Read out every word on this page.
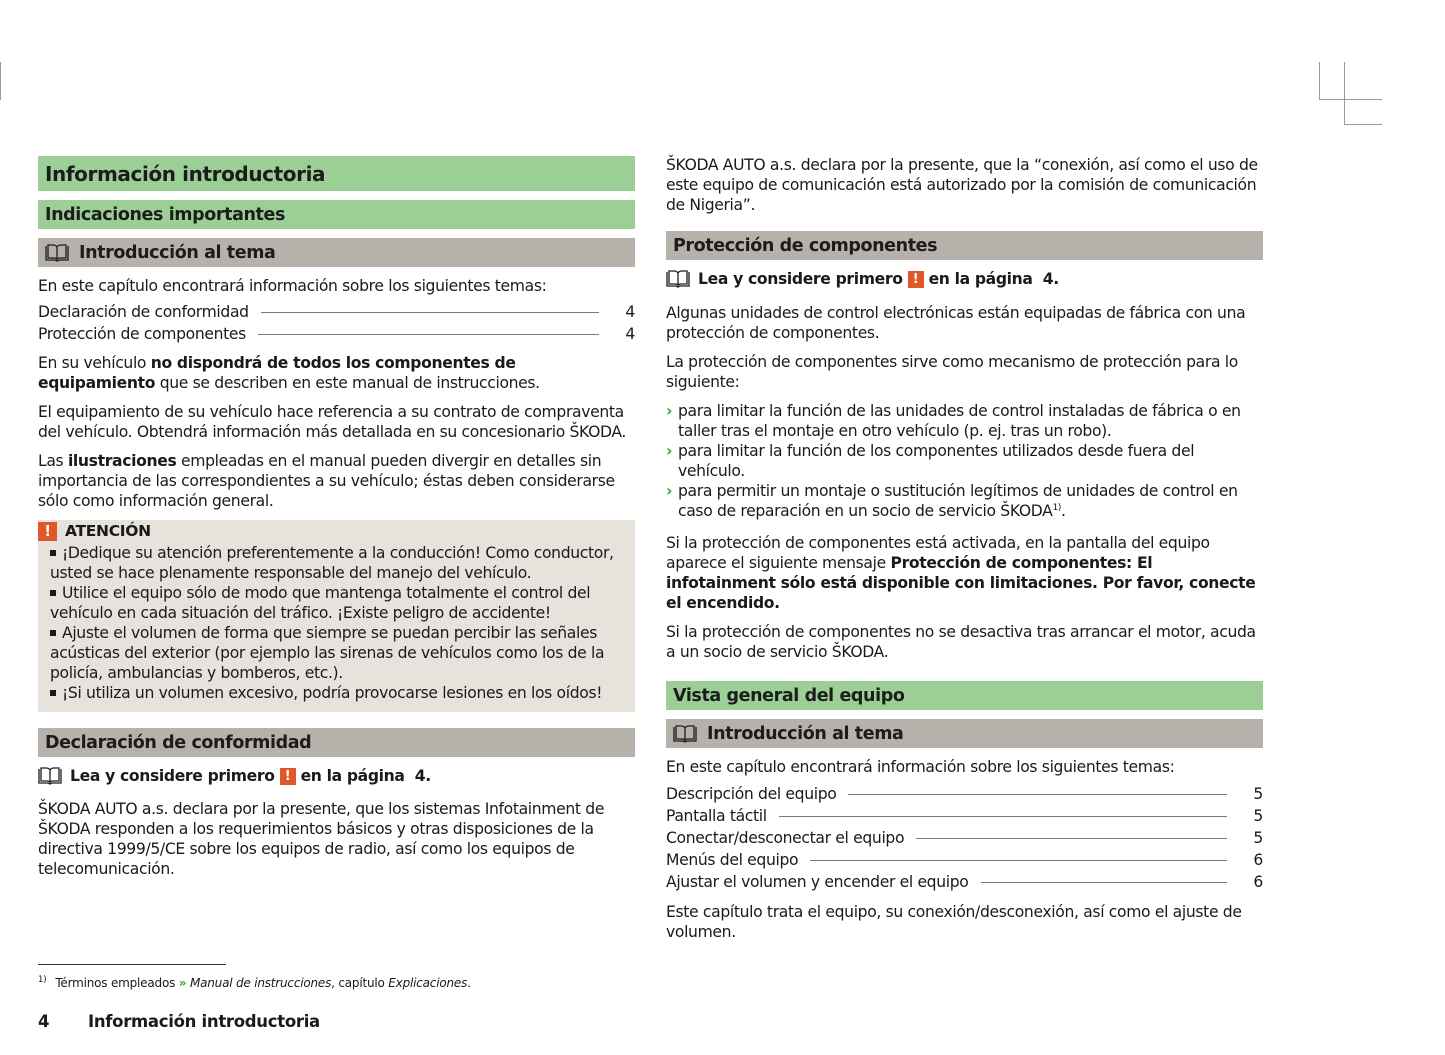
Información introductoria
Indicaciones importantes
Introducción al tema
En este capítulo encontrará información sobre los siguientes temas:
Declaración de conformidad	4
Protección de componentes	4
En su vehículo no dispondrá de todos los componentes de equipamiento que se describen en este manual de instrucciones.
El equipamiento de su vehículo hace referencia a su contrato de compraventa del vehículo. Obtendrá información más detallada en su concesionario ŠKODA.
Las ilustraciones empleadas en el manual pueden divergir en detalles sin importancia de las correspondientes a su vehículo; éstas deben considerarse sólo como información general.
! ATENCIÓN
¡Dedique su atención preferentemente a la conducción! Como conductor, usted se hace plenamente responsable del manejo del vehículo.
Utilice el equipo sólo de modo que mantenga totalmente el control del vehículo en cada situación del tráfico. ¡Existe peligro de accidente!
Ajuste el volumen de forma que siempre se puedan percibir las señales acústicas del exterior (por ejemplo las sirenas de vehículos como los de la policía, ambulancias y bomberos, etc.).
¡Si utiliza un volumen excesivo, podría provocarse lesiones en los oídos!
Declaración de conformidad
Lea y considere primero ! en la página
4.
ŠKODA AUTO a.s. declara por la presente, que los sistemas Infotainment de ŠKODA responden a los requerimientos básicos y otras disposiciones de la directiva 1999/5/CE sobre los equipos de radio, así como los equipos de telecomunicación.
ŠKODA AUTO a.s. declara por la presente, que la “conexión, así como el uso de este equipo de comunicación está autorizado por la comisión de comunicación de Nigeria”.
Protección de componentes
Lea y considere primero ! en la página
4.
Algunas unidades de control electrónicas están equipadas de fábrica con una protección de componentes.
La protección de componentes sirve como mecanismo de protección para lo siguiente:
› para limitar la función de las unidades de control instaladas de fábrica o en taller tras el montaje en otro vehículo (p. ej. tras un robo).
› para limitar la función de los componentes utilizados desde fuera del vehículo.
› para permitir un montaje o sustitución legítimos de unidades de control en caso de reparación en un socio de servicio ŠKODA$^{1)}$.
Si la protección de componentes está activada, en la pantalla del equipo aparece el siguiente mensaje Protección de componentes: El infotainment sólo está disponible con limitaciones. Por favor, conecte el encendido.
Si la protección de componentes no se desactiva tras arrancar el motor, acuda a un socio de servicio ŠKODA.
Vista general del equipo
Introducción al tema
En este capítulo encontrará información sobre los siguientes temas:
Descripción del equipo	5
Pantalla táctil	5
Conectar/desconectar el equipo	5
Menús del equipo	6
Ajustar el volumen y encender el equipo	6
Este capítulo trata el equipo, su conexión/desconexión, así como el ajuste de volumen.
$^{1)}$ Términos empleados » Manual de instrucciones, capítulo Explicaciones.
4	Información introductoria
